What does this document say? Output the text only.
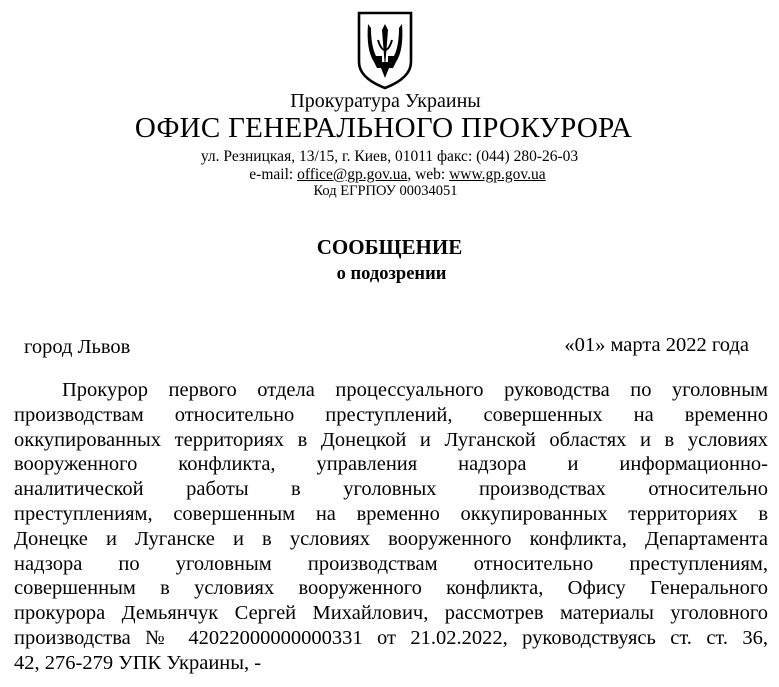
Прокуратура Украины
ОФИС ГЕНЕРАЛЬНОГО ПРОКУРОРА
ул. Резницкая, 13/15, г. Киев, 01011 факс: (044) 280-26-03
e-mail: office@gp.gov.ua, web: www.gp.gov.ua
Код ЕГРПОУ 00034051
СООБЩЕНИЕ
о подозрении
город Львов	«01» марта 2022 года
Прокурор первого отдела процессуального руководства по уголовным
производствам относительно преступлений, совершенных на временно
оккупированных территориях в Донецкой и Луганской областях и в условиях
вооруженного конфликта, управления надзора и информационно-
аналитической работы в уголовных производствах относительно
преступлениям, совершенным на временно оккупированных территориях в
Донецке и Луганске и в условиях вооруженного конфликта, Департамента
надзора по уголовным производствам относительно преступлениям,
совершенным в условиях вооруженного конфликта, Офису Генерального
прокурора Демьянчук Сергей Михайлович, рассмотрев материалы уголовного
производства № 42022000000000331 от 21.02.2022, руководствуясь ст. ст. 36,
42, 276-279 УПК Украины, -
